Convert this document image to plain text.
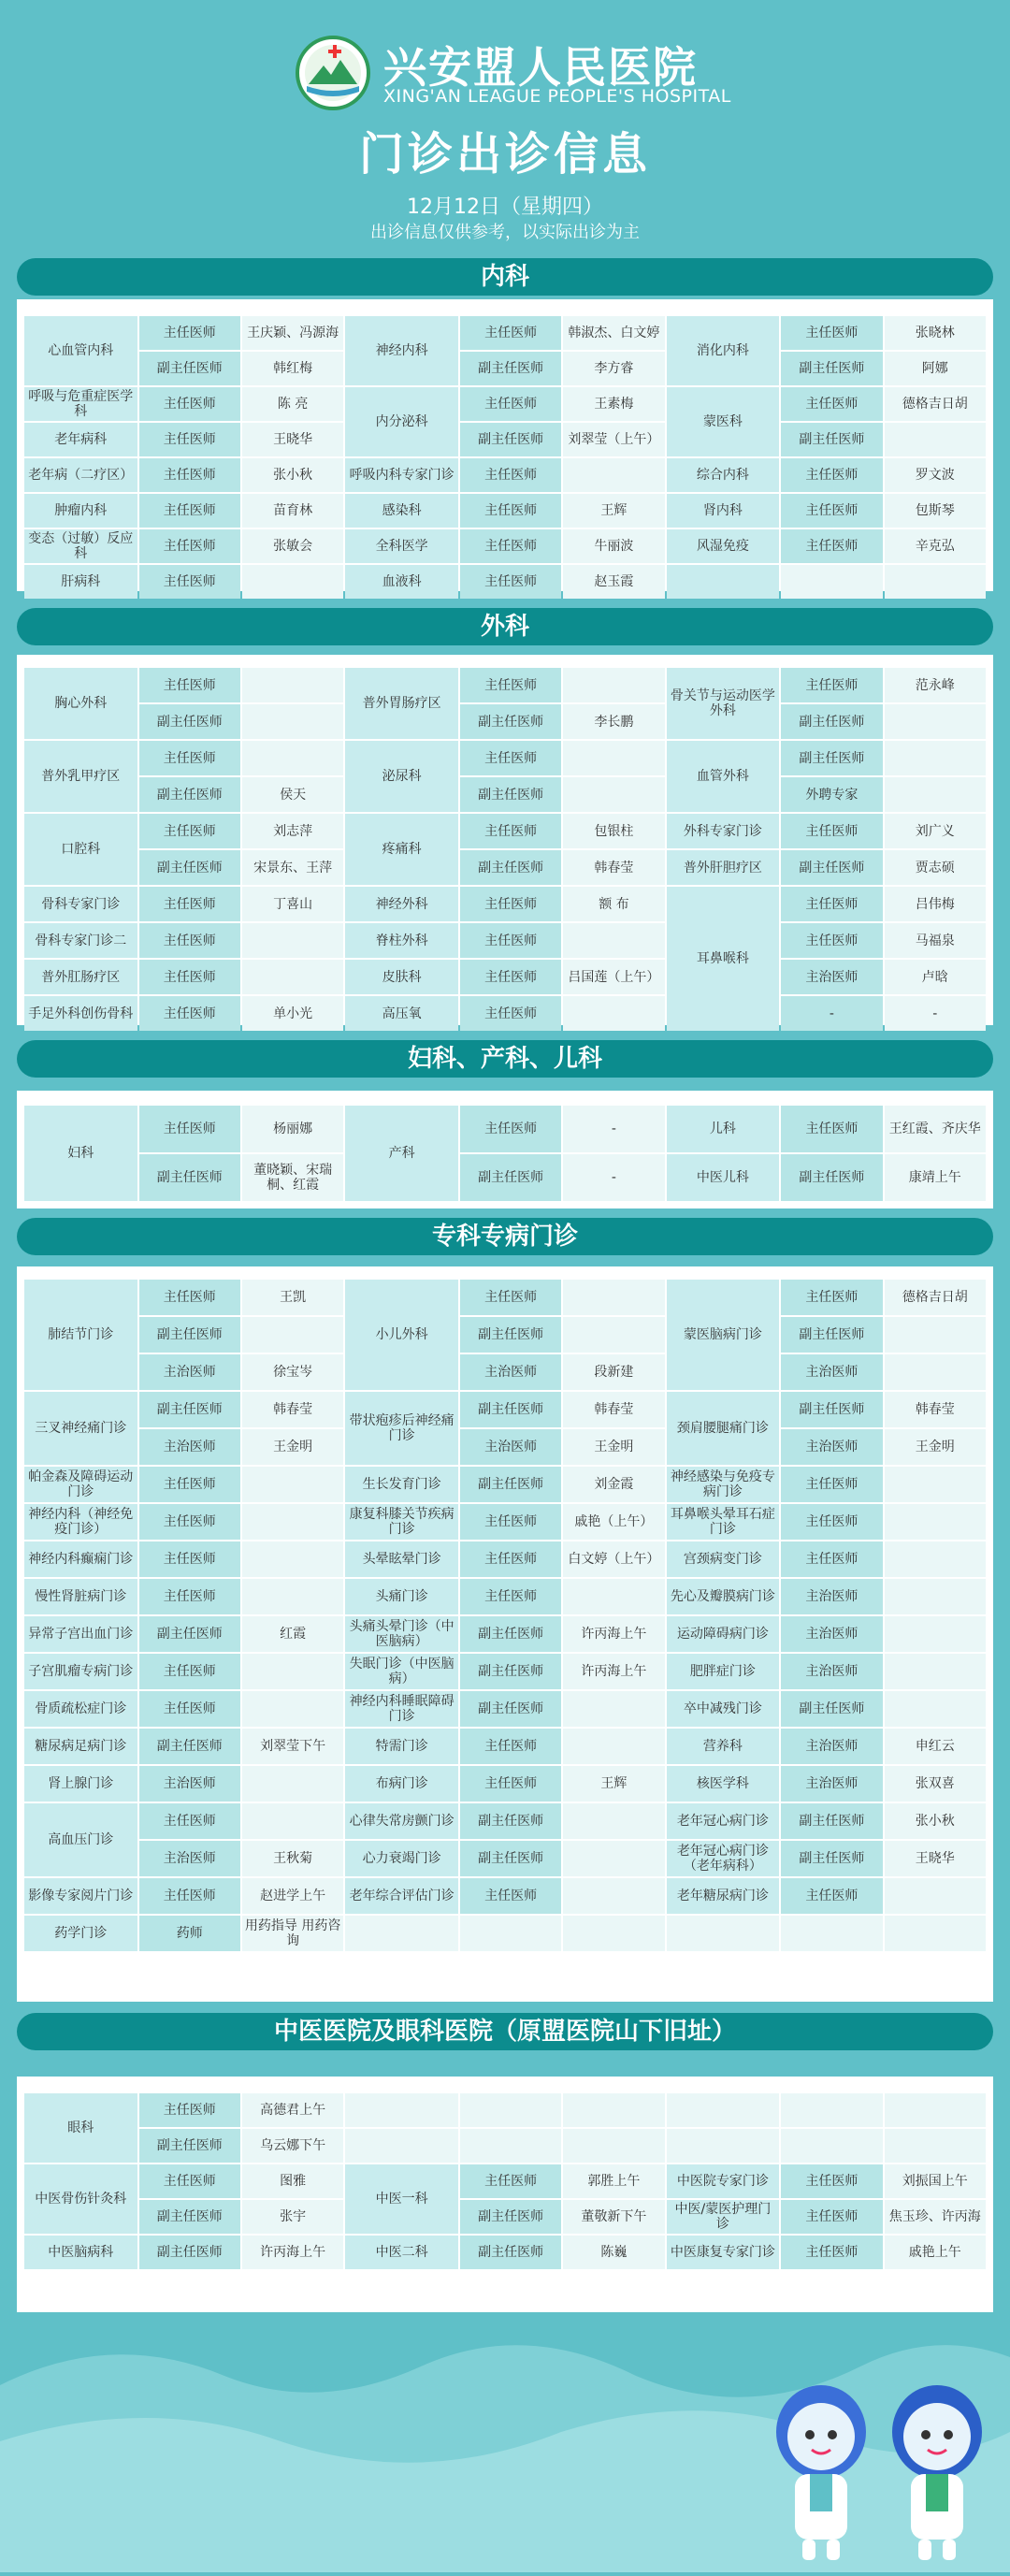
兴安盟人民医院
XING'AN LEAGUE PEOPLE'S HOSPITAL
门诊出诊信息
12月12日（星期四）
出诊信息仅供参考，以实际出诊为主
内科
心血管内科	主任医师	王庆颖、冯源海	神经内科	主任医师	韩淑杰、白文婷	消化内科	主任医师	张晓林
	副主任医师	韩红梅		副主任医师	李方睿		副主任医师	阿娜
呼吸与危重症医学科	主任医师	陈 亮	内分泌科	主任医师	王素梅	蒙医科	主任医师	德格吉日胡
老年病科	主任医师	王晓华		副主任医师	刘翠莹（上午）		副主任医师	
老年病（二疗区）	主任医师	张小秋	呼吸内科专家门诊	主任医师		综合内科	主任医师	罗文波
肿瘤内科	主任医师	苗育林	感染科	主任医师	王辉	肾内科	主任医师	包斯琴
变态（过敏）反应科	主任医师	张敏会	全科医学	主任医师	牛丽波	风湿免疫	主任医师	辛克弘
肝病科	主任医师		血液科	主任医师	赵玉霞			
外科
胸心外科	主任医师		普外胃肠疗区	主任医师		骨关节与运动医学外科	主任医师	范永峰
	副主任医师			副主任医师	李长鹏		副主任医师	
普外乳甲疗区	主任医师		泌尿科	主任医师		血管外科	副主任医师	
	副主任医师	侯天		副主任医师			外聘专家	
口腔科	主任医师	刘志萍	疼痛科	主任医师	包银柱	外科专家门诊	主任医师	刘广义
	副主任医师	宋景东、王萍		副主任医师	韩春莹	普外肝胆疗区	副主任医师	贾志硕
骨科专家门诊	主任医师	丁喜山	神经外科	主任医师	额 布	耳鼻喉科	主任医师	吕伟梅
骨科专家门诊二	主任医师		脊柱外科	主任医师			主任医师	马福泉
普外肛肠疗区	主任医师		皮肤科	主任医师	吕国莲（上午）		主治医师	卢晗
手足外科创伤骨科	主任医师	单小光	高压氧	主任医师			-	-
妇科、产科、儿科
妇科	主任医师	杨丽娜	产科	主任医师	-	儿科	主任医师	王红霞、齐庆华
	副主任医师	董晓颖、宋瑞桐、红霞		副主任医师	-	中医儿科	副主任医师	康靖上午
专科专病门诊
肺结节门诊	主任医师	王凯	小儿外科	主任医师		蒙医脑病门诊	主任医师	德格吉日胡
	副主任医师			副主任医师			副主任医师	
	主治医师	徐宝岑		主治医师	段新建		主治医师	
三叉神经痛门诊	副主任医师	韩春莹	带状疱疹后神经痛门诊	副主任医师	韩春莹	颈肩腰腿痛门诊	副主任医师	韩春莹
	主治医师	王金明		主治医师	王金明		主治医师	王金明
帕金森及障碍运动门诊	主任医师		生长发育门诊	副主任医师	刘金霞	神经感染与免疫专病门诊	主任医师	
神经内科（神经免疫门诊）	主任医师		康复科膝关节疾病门诊	主任医师	戚艳（上午）	耳鼻喉头晕耳石症门诊	主任医师	
神经内科癫痫门诊	主任医师		头晕眩晕门诊	主任医师	白文婷（上午）	宫颈病变门诊	主任医师	
慢性肾脏病门诊	主任医师		头痛门诊	主任医师		先心及瓣膜病门诊	主治医师	
异常子宫出血门诊	副主任医师	红霞	头痛头晕门诊（中医脑病）	副主任医师	许丙海上午	运动障碍病门诊	主治医师	
子宫肌瘤专病门诊	主任医师		失眠门诊（中医脑病）	副主任医师	许丙海上午	肥胖症门诊	主治医师	
骨质疏松症门诊	主任医师		神经内科睡眠障碍门诊	副主任医师		卒中减残门诊	副主任医师	
糖尿病足病门诊	副主任医师	刘翠莹下午	特需门诊	主任医师		营养科	主治医师	申红云
肾上腺门诊	主治医师		布病门诊	主任医师	王辉	核医学科	主治医师	张双喜
高血压门诊	主任医师		心律失常房颤门诊	副主任医师		老年冠心病门诊	副主任医师	张小秋
	主治医师	王秋菊	心力衰竭门诊	副主任医师		老年冠心病门诊（老年病科）	副主任医师	王晓华
影像专家阅片门诊	主任医师	赵进学上午	老年综合评估门诊	主任医师		老年糖尿病门诊	主任医师	
药学门诊	药师	用药指导 用药咨询						
中医医院及眼科医院（原盟医院山下旧址）
眼科	主任医师	高德君上午						
	副主任医师	乌云娜下午						
中医骨伤针灸科	主任医师	图雅	中医一科	主任医师	郭胜上午	中医院专家门诊	主任医师	刘振国上午
	副主任医师	张宇		副主任医师	董敬新下午	中医/蒙医护理门诊	主任医师	焦玉珍、许丙海
中医脑病科	副主任医师	许丙海上午	中医二科	副主任医师	陈巍	中医康复专家门诊	主任医师	戚艳上午
